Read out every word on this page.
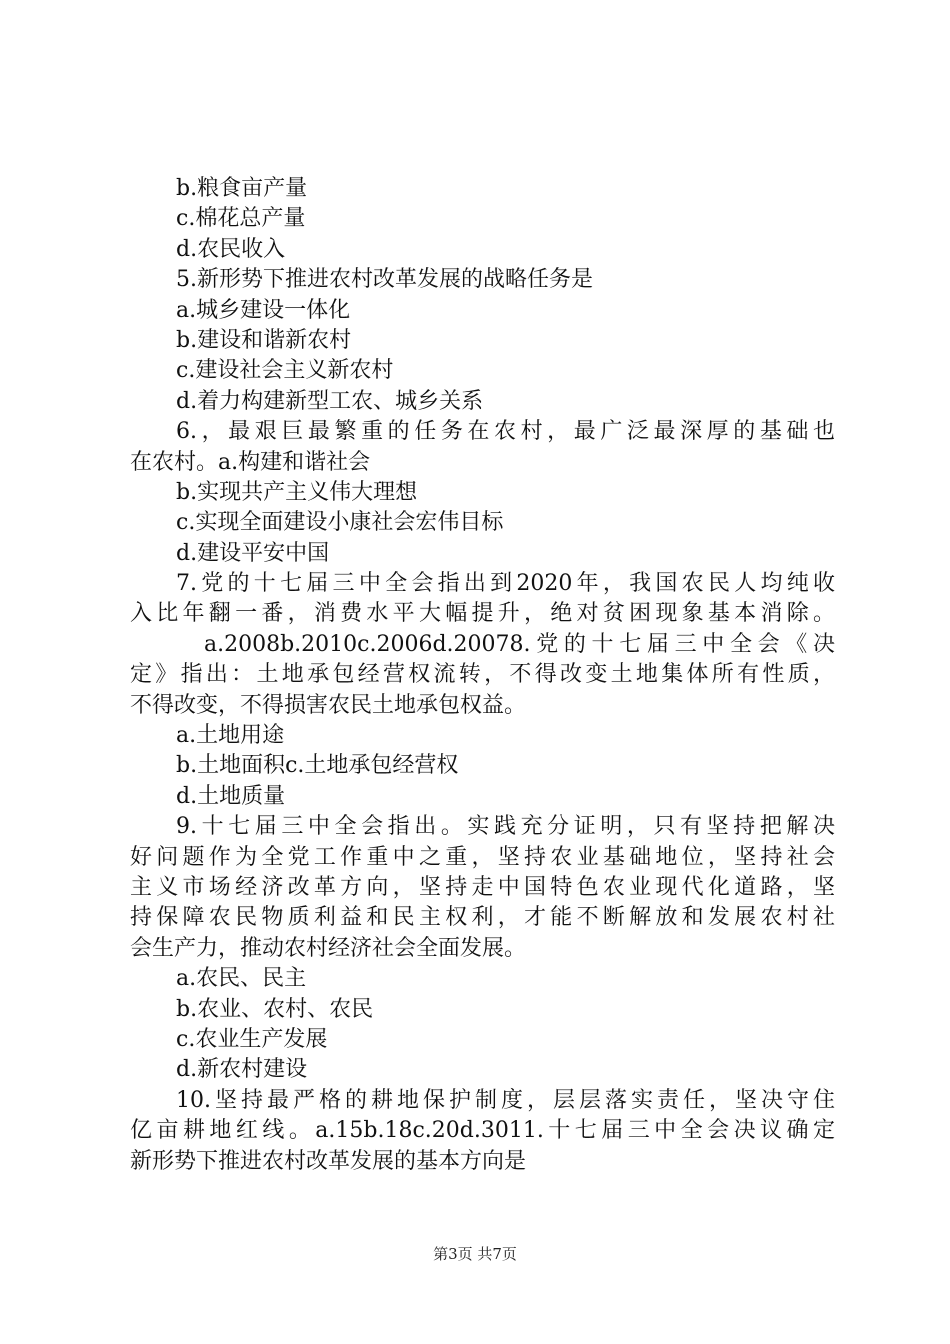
b.粮食亩产量
c.棉花总产量
d.农民收入
5.新形势下推进农村改革发展的战略任务是
a.城乡建设一体化
b.建设和谐新农村
c.建设社会主义新农村
d.着力构建新型工农、城乡关系
6.，最艰巨最繁重的任务在农村，最广泛最深厚的基础也
在农村。a.构建和谐社会
b.实现共产主义伟大理想
c.实现全面建设小康社会宏伟目标
d.建设平安中国
7.党的十七届三中全会指出到2020年，我国农民人均纯收
入比年翻一番，消费水平大幅提升，绝对贫困现象基本消除。
a.2008b.2010c.2006d.20078.党的十七届三中全会《决
定》指出：土地承包经营权流转，不得改变土地集体所有性质，
不得改变，不得损害农民土地承包权益。
a.土地用途
b.土地面积c.土地承包经营权
d.土地质量
9.十七届三中全会指出。实践充分证明，只有坚持把解决
好问题作为全党工作重中之重，坚持农业基础地位，坚持社会
主义市场经济改革方向，坚持走中国特色农业现代化道路，坚
持保障农民物质利益和民主权利，才能不断解放和发展农村社
会生产力，推动农村经济社会全面发展。
a.农民、民主
b.农业、农村、农民
c.农业生产发展
d.新农村建设
10.坚持最严格的耕地保护制度，层层落实责任，坚决守住
亿亩耕地红线。a.15b.18c.20d.3011.十七届三中全会决议确定
新形势下推进农村改革发展的基本方向是
第3页 共7页
